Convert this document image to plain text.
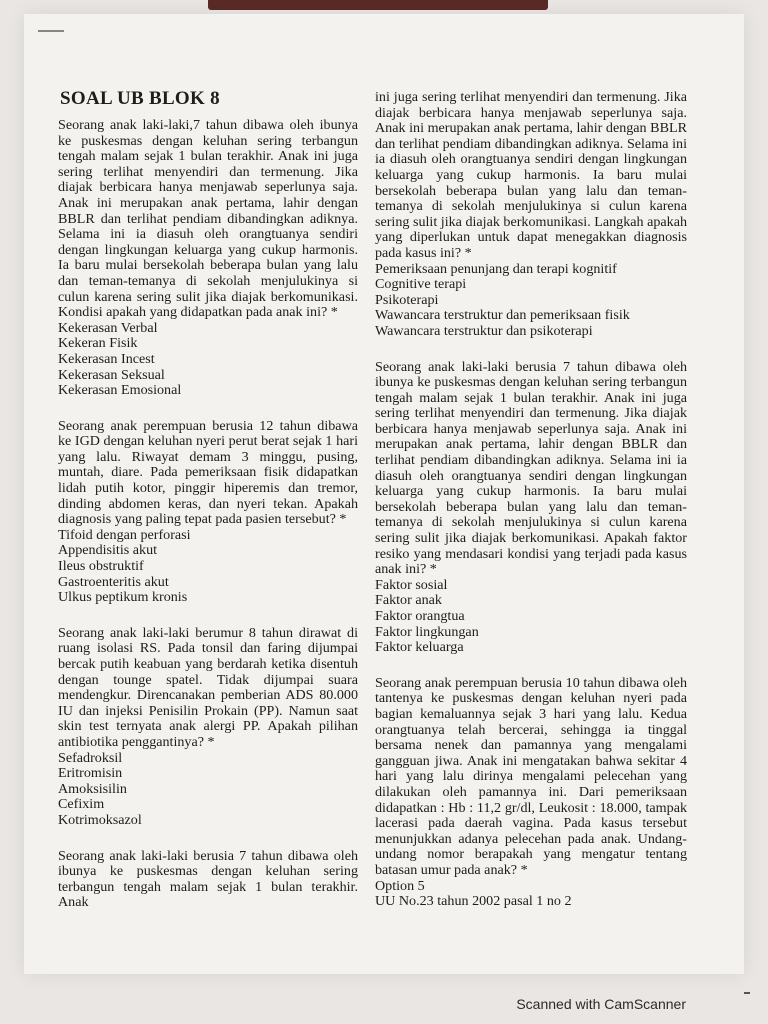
SOAL UB BLOK 8

Seorang anak laki-laki,7 tahun dibawa oleh ibunya ke puskesmas dengan keluhan sering terbangun tengah malam sejak 1 bulan terakhir. Anak ini juga sering terlihat menyendiri dan termenung. Jika diajak berbicara hanya menjawab seperlunya saja. Anak ini merupakan anak pertama, lahir dengan BBLR dan terlihat pendiam dibandingkan adiknya. Selama ini ia diasuh oleh orangtuanya sendiri dengan lingkungan keluarga yang cukup harmonis. Ia baru mulai bersekolah beberapa bulan yang lalu dan teman-temanya di sekolah menjulukinya si culun karena sering sulit jika diajak berkomunikasi. Kondisi apakah yang didapatkan pada anak ini? *

Kekerasan Verbal
Kekeran Fisik
Kekerasan Incest
Kekerasan Seksual
Kekerasan Emosional

Seorang anak perempuan berusia 12 tahun dibawa ke IGD dengan keluhan nyeri perut berat sejak 1 hari yang lalu. Riwayat demam 3 minggu, pusing, muntah, diare. Pada pemeriksaan fisik didapatkan lidah putih kotor, pinggir hiperemis dan tremor, dinding abdomen keras, dan nyeri tekan. Apakah diagnosis yang paling tepat pada pasien tersebut? *

Tifoid dengan perforasi
Appendisitis akut
Ileus obstruktif
Gastroenteritis akut
Ulkus peptikum kronis

Seorang anak laki-laki berumur 8 tahun dirawat di ruang isolasi RS. Pada tonsil dan faring dijumpai bercak putih keabuan yang berdarah ketika disentuh dengan tounge spatel. Tidak dijumpai suara mendengkur. Direncanakan pemberian ADS 80.000 IU dan injeksi Penisilin Prokain (PP). Namun saat skin test ternyata anak alergi PP. Apakah pilihan antibiotika penggantinya? *

Sefadroksil
Eritromisin
Amoksisilin
Cefixim
Kotrimoksazol

Seorang anak laki-laki berusia 7 tahun dibawa oleh ibunya ke puskesmas dengan keluhan sering terbangun tengah malam sejak 1 bulan terakhir. Anak

ini juga sering terlihat menyendiri dan termenung. Jika diajak berbicara hanya menjawab seperlunya saja. Anak ini merupakan anak pertama, lahir dengan BBLR dan terlihat pendiam dibandingkan adiknya. Selama ini ia diasuh oleh orangtuanya sendiri dengan lingkungan keluarga yang cukup harmonis. Ia baru mulai bersekolah beberapa bulan yang lalu dan teman-temanya di sekolah menjulukinya si culun karena sering sulit jika diajak berkomunikasi. Langkah apakah yang diperlukan untuk dapat menegakkan diagnosis pada kasus ini? *

Pemeriksaan penunjang dan terapi kognitif
Cognitive terapi
Psikoterapi
Wawancara terstruktur dan pemeriksaan fisik
Wawancara terstruktur dan psikoterapi

Seorang anak laki-laki berusia 7 tahun dibawa oleh ibunya ke puskesmas dengan keluhan sering terbangun tengah malam sejak 1 bulan terakhir. Anak ini juga sering terlihat menyendiri dan termenung. Jika diajak berbicara hanya menjawab seperlunya saja. Anak ini merupakan anak pertama, lahir dengan BBLR dan terlihat pendiam dibandingkan adiknya. Selama ini ia diasuh oleh orangtuanya sendiri dengan lingkungan keluarga yang cukup harmonis. Ia baru mulai bersekolah beberapa bulan yang lalu dan teman-temanya di sekolah menjulukinya si culun karena sering sulit jika diajak berkomunikasi. Apakah faktor resiko yang mendasari kondisi yang terjadi pada kasus anak ini? *

Faktor sosial
Faktor anak
Faktor orangtua
Faktor lingkungan
Faktor keluarga

Seorang anak perempuan berusia 10 tahun dibawa oleh tantenya ke puskesmas dengan keluhan nyeri pada bagian kemaluannya sejak 3 hari yang lalu. Kedua orangtuanya telah bercerai, sehingga ia tinggal bersama nenek dan pamannya yang mengalami gangguan jiwa. Anak ini mengatakan bahwa sekitar 4 hari yang lalu dirinya mengalami pelecehan yang dilakukan oleh pamannya ini. Dari pemeriksaan didapatkan : Hb : 11,2 gr/dl, Leukosit : 18.000, tampak lacerasi pada daerah vagina. Pada kasus tersebut menunjukkan adanya pelecehan pada anak. Undang- undang nomor berapakah yang mengatur tentang batasan umur pada anak? *

Option 5
UU No.23 tahun 2002 pasal 1 no 2
Scanned with CamScanner
